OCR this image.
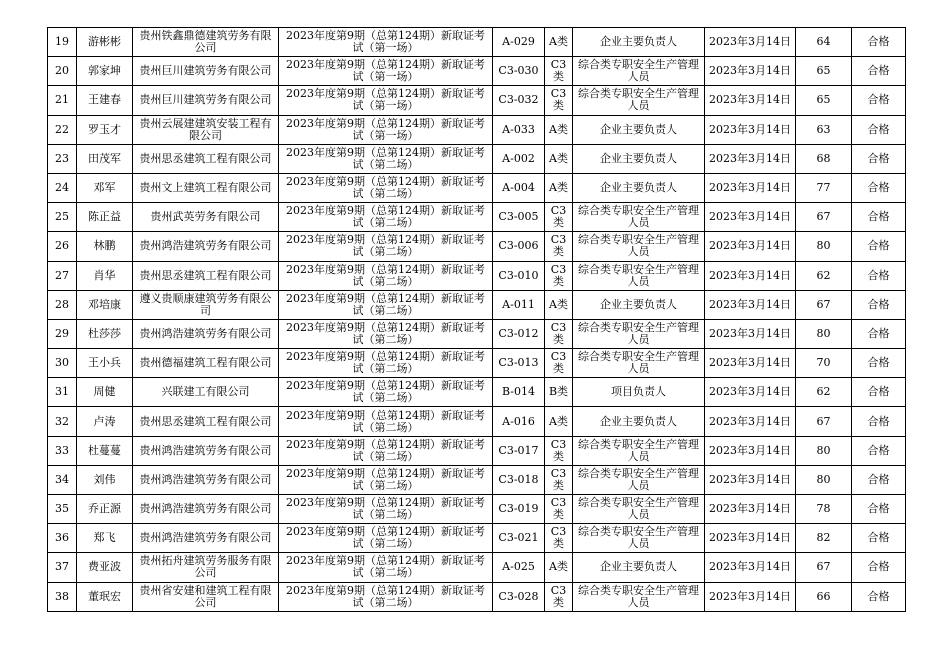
19	游彬彬	贵州铁鑫鼎德建筑劳务有限公司	2023年度第9期（总第124期）新取证考试（第一场）	A-029	A类	企业主要负责人	2023年3月14日	64	合格
20	郭家坤	贵州巨川建筑劳务有限公司	2023年度第9期（总第124期）新取证考试（第一场）	C3-030	C3类	综合类专职安全生产管理人员	2023年3月14日	65	合格
21	王建春	贵州巨川建筑劳务有限公司	2023年度第9期（总第124期）新取证考试（第一场）	C3-032	C3类	综合类专职安全生产管理人员	2023年3月14日	65	合格
22	罗玉才	贵州云展建建筑安装工程有限公司	2023年度第9期（总第124期）新取证考试（第一场）	A-033	A类	企业主要负责人	2023年3月14日	63	合格
23	田茂军	贵州思丞建筑工程有限公司	2023年度第9期（总第124期）新取证考试（第二场）	A-002	A类	企业主要负责人	2023年3月14日	68	合格
24	邓军	贵州文上建筑工程有限公司	2023年度第9期（总第124期）新取证考试（第二场）	A-004	A类	企业主要负责人	2023年3月14日	77	合格
25	陈正益	贵州武英劳务有限公司	2023年度第9期（总第124期）新取证考试（第二场）	C3-005	C3类	综合类专职安全生产管理人员	2023年3月14日	67	合格
26	林鹏	贵州鸿浩建筑劳务有限公司	2023年度第9期（总第124期）新取证考试（第二场）	C3-006	C3类	综合类专职安全生产管理人员	2023年3月14日	80	合格
27	肖华	贵州思丞建筑工程有限公司	2023年度第9期（总第124期）新取证考试（第二场）	C3-010	C3类	综合类专职安全生产管理人员	2023年3月14日	62	合格
28	邓培康	遵义贵顺康建筑劳务有限公司	2023年度第9期（总第124期）新取证考试（第二场）	A-011	A类	企业主要负责人	2023年3月14日	67	合格
29	杜莎莎	贵州鸿浩建筑劳务有限公司	2023年度第9期（总第124期）新取证考试（第二场）	C3-012	C3类	综合类专职安全生产管理人员	2023年3月14日	80	合格
30	王小兵	贵州德福建筑工程有限公司	2023年度第9期（总第124期）新取证考试（第二场）	C3-013	C3类	综合类专职安全生产管理人员	2023年3月14日	70	合格
31	周健	兴联建工有限公司	2023年度第9期（总第124期）新取证考试（第二场）	B-014	B类	项目负责人	2023年3月14日	62	合格
32	卢涛	贵州思丞建筑工程有限公司	2023年度第9期（总第124期）新取证考试（第二场）	A-016	A类	企业主要负责人	2023年3月14日	67	合格
33	杜蔓蔓	贵州鸿浩建筑劳务有限公司	2023年度第9期（总第124期）新取证考试（第二场）	C3-017	C3类	综合类专职安全生产管理人员	2023年3月14日	80	合格
34	刘伟	贵州鸿浩建筑劳务有限公司	2023年度第9期（总第124期）新取证考试（第二场）	C3-018	C3类	综合类专职安全生产管理人员	2023年3月14日	80	合格
35	乔正源	贵州鸿浩建筑劳务有限公司	2023年度第9期（总第124期）新取证考试（第二场）	C3-019	C3类	综合类专职安全生产管理人员	2023年3月14日	78	合格
36	郑飞	贵州鸿浩建筑劳务有限公司	2023年度第9期（总第124期）新取证考试（第二场）	C3-021	C3类	综合类专职安全生产管理人员	2023年3月14日	82	合格
37	费亚波	贵州拓舟建筑劳务服务有限公司	2023年度第9期（总第124期）新取证考试（第二场）	A-025	A类	企业主要负责人	2023年3月14日	67	合格
38	董珉宏	贵州省安建和建筑工程有限公司	2023年度第9期（总第124期）新取证考试（第二场）	C3-028	C3类	综合类专职安全生产管理人员	2023年3月14日	66	合格
